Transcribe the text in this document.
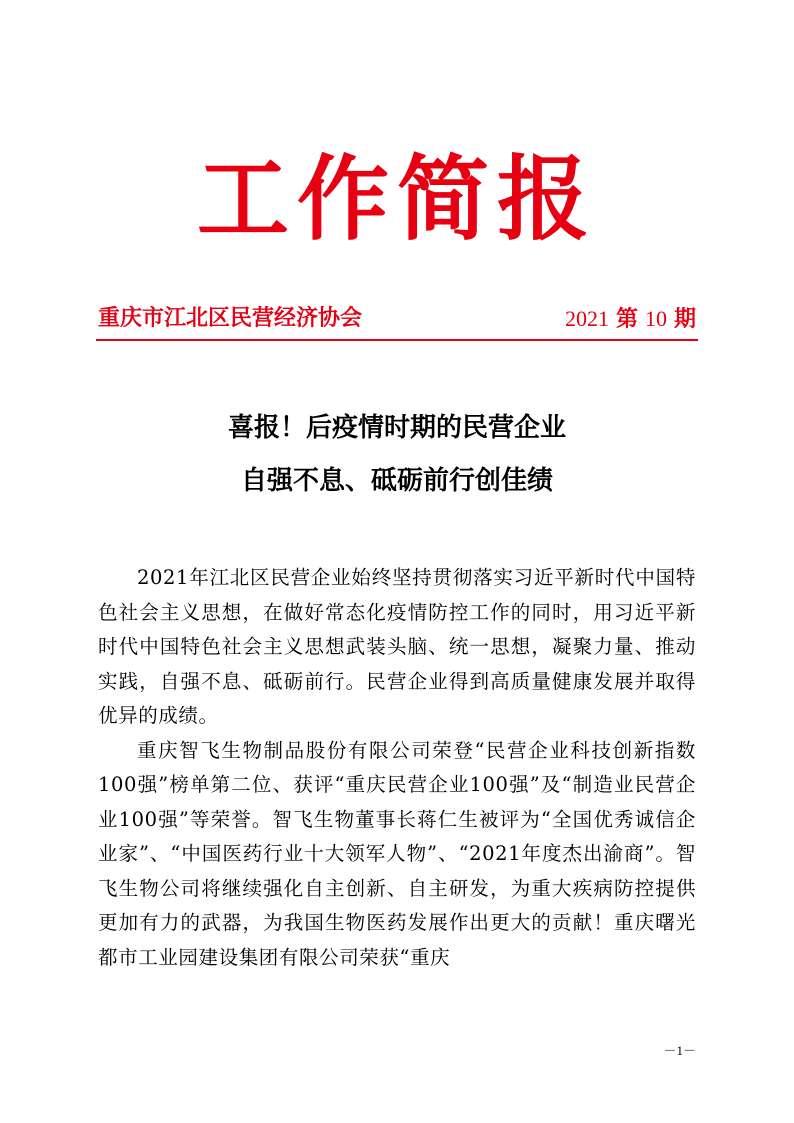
工作简报
重庆市江北区民营经济协会	2021 第 10 期
喜报！后疫情时期的民营企业
自强不息、砥砺前行创佳绩

2021年江北区民营企业始终坚持贯彻落实习近平新时代中国特色社会主义思想，在做好常态化疫情防控工作的同时，用习近平新时代中国特色社会主义思想武装头脑、统一思想，凝聚力量、推动实践，自强不息、砥砺前行。民营企业得到高质量健康发展并取得优异的成绩。

重庆智飞生物制品股份有限公司荣登“民营企业科技创新指数100强”榜单第二位、获评“重庆民营企业100强”及“制造业民营企业100强”等荣誉。智飞生物董事长蒋仁生被评为“全国优秀诚信企业家”、“中国医药行业十大领军人物”、“2021年度杰出渝商”。智飞生物公司将继续强化自主创新、自主研发，为重大疾病防控提供更加有力的武器，为我国生物医药发展作出更大的贡献！重庆曙光都市工业园建设集团有限公司荣获“重庆

－1－
